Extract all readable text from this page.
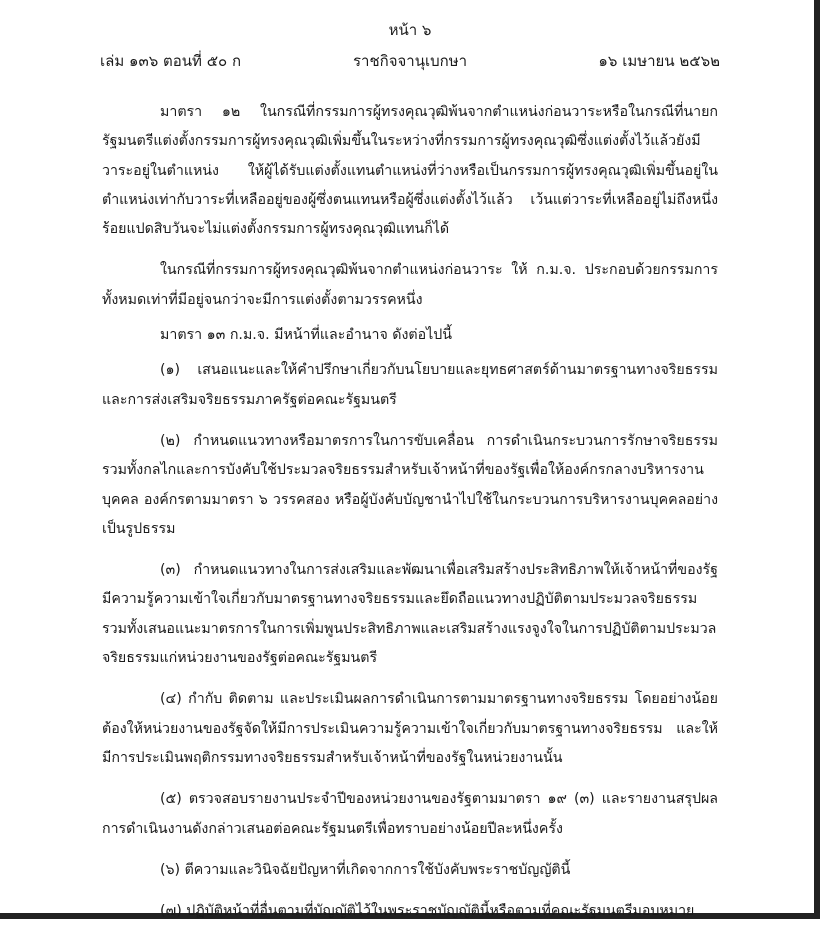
หน้า ๖
เล่ม ๑๓๖ ตอนที่ ๕๐ ก	ราชกิจจานุเบกษา	๑๖ เมษายน ๒๕๖๒

มาตรา ๑๒ ในกรณีที่กรรมการผู้ทรงคุณวุฒิพ้นจากตำแหน่งก่อนวาระหรือในกรณีที่นายกรัฐมนตรีแต่งตั้งกรรมการผู้ทรงคุณวุฒิเพิ่มขึ้นในระหว่างที่กรรมการผู้ทรงคุณวุฒิซึ่งแต่งตั้งไว้แล้วยังมีวาระอยู่ในตำแหน่ง ให้ผู้ได้รับแต่งตั้งแทนตำแหน่งที่ว่างหรือเป็นกรรมการผู้ทรงคุณวุฒิเพิ่มขึ้นอยู่ในตำแหน่งเท่ากับวาระที่เหลืออยู่ของผู้ซึ่งตนแทนหรือผู้ซึ่งแต่งตั้งไว้แล้ว เว้นแต่วาระที่เหลืออยู่ไม่ถึงหนึ่งร้อยแปดสิบวันจะไม่แต่งตั้งกรรมการผู้ทรงคุณวุฒิแทนก็ได้

ในกรณีที่กรรมการผู้ทรงคุณวุฒิพ้นจากตำแหน่งก่อนวาระ ให้ ก.ม.จ. ประกอบด้วยกรรมการทั้งหมดเท่าที่มีอยู่จนกว่าจะมีการแต่งตั้งตามวรรคหนึ่ง

มาตรา ๑๓ ก.ม.จ. มีหน้าที่และอำนาจ ดังต่อไปนี้

(๑) เสนอแนะและให้คำปรึกษาเกี่ยวกับนโยบายและยุทธศาสตร์ด้านมาตรฐานทางจริยธรรมและการส่งเสริมจริยธรรมภาครัฐต่อคณะรัฐมนตรี

(๒) กำหนดแนวทางหรือมาตรการในการขับเคลื่อน การดำเนินกระบวนการรักษาจริยธรรมรวมทั้งกลไกและการบังคับใช้ประมวลจริยธรรมสำหรับเจ้าหน้าที่ของรัฐเพื่อให้องค์กรกลางบริหารงานบุคคล องค์กรตามมาตรา ๖ วรรคสอง หรือผู้บังคับบัญชานำไปใช้ในกระบวนการบริหารงานบุคคลอย่างเป็นรูปธรรม

(๓) กำหนดแนวทางในการส่งเสริมและพัฒนาเพื่อเสริมสร้างประสิทธิภาพให้เจ้าหน้าที่ของรัฐมีความรู้ความเข้าใจเกี่ยวกับมาตรฐานทางจริยธรรมและยึดถือแนวทางปฏิบัติตามประมวลจริยธรรม รวมทั้งเสนอแนะมาตรการในการเพิ่มพูนประสิทธิภาพและเสริมสร้างแรงจูงใจในการปฏิบัติตามประมวลจริยธรรมแก่หน่วยงานของรัฐต่อคณะรัฐมนตรี

(๔) กำกับ ติดตาม และประเมินผลการดำเนินการตามมาตรฐานทางจริยธรรม โดยอย่างน้อยต้องให้หน่วยงานของรัฐจัดให้มีการประเมินความรู้ความเข้าใจเกี่ยวกับมาตรฐานทางจริยธรรม และให้มีการประเมินพฤติกรรมทางจริยธรรมสำหรับเจ้าหน้าที่ของรัฐในหน่วยงานนั้น

(๕) ตรวจสอบรายงานประจำปีของหน่วยงานของรัฐตามมาตรา ๑๙ (๓) และรายงานสรุปผลการดำเนินงานดังกล่าวเสนอต่อคณะรัฐมนตรีเพื่อทราบอย่างน้อยปีละหนึ่งครั้ง

(๖) ตีความและวินิจฉัยปัญหาที่เกิดจากการใช้บังคับพระราชบัญญัตินี้

(๗) ปฏิบัติหน้าที่อื่นตามที่บัญญัติไว้ในพระราชบัญญัตินี้หรือตามที่คณะรัฐมนตรีมอบหมาย
